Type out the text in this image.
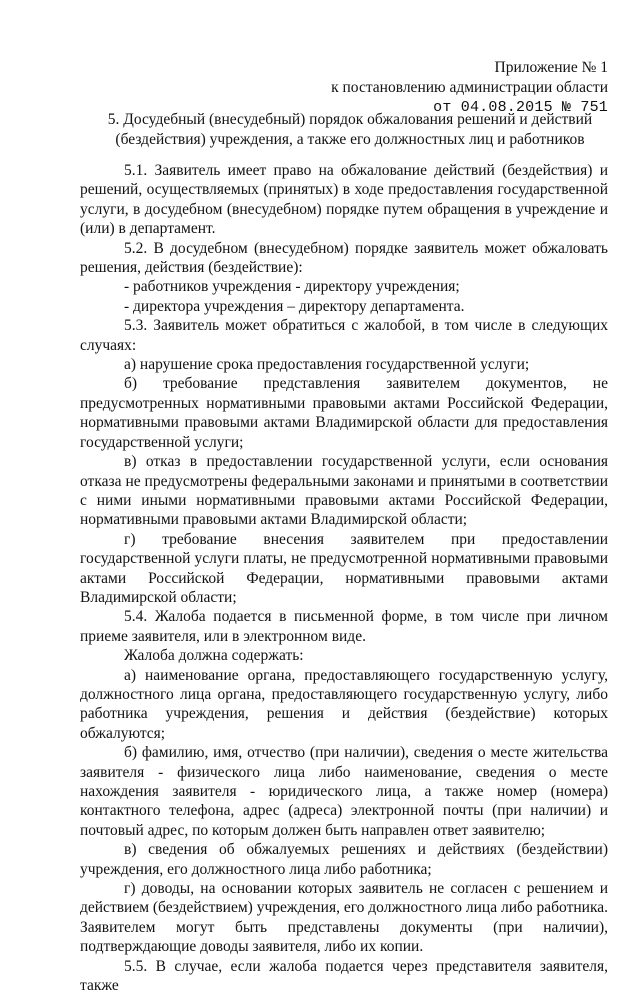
Приложение № 1
к постановлению администрации области
от 04.08.2015 № 751
5. Досудебный (внесудебный) порядок обжалования решений и действий (бездействия) учреждения, а также его должностных лиц и работников

5.1. Заявитель имеет право на обжалование действий (бездействия) и решений, осуществляемых (принятых) в ходе предоставления государственной услуги, в досудебном (внесудебном) порядке путем обращения в учреждение и (или) в департамент.

5.2. В досудебном (внесудебном) порядке заявитель может обжаловать решения, действия (бездействие):

- работников учреждения - директору учреждения;

- директора учреждения – директору департамента.

5.3. Заявитель может обратиться с жалобой, в том числе в следующих случаях:

а) нарушение срока предоставления государственной услуги;

б) требование представления заявителем документов, не предусмотренных нормативными правовыми актами Российской Федерации, нормативными правовыми актами Владимирской области для предоставления государственной услуги;

в) отказ в предоставлении государственной услуги, если основания отказа не предусмотрены федеральными законами и принятыми в соответствии с ними иными нормативными правовыми актами Российской Федерации, нормативными правовыми актами Владимирской области;

г) требование внесения заявителем при предоставлении государственной услуги платы, не предусмотренной нормативными правовыми актами Российской Федерации, нормативными правовыми актами Владимирской области;

5.4. Жалоба подается в письменной форме, в том числе при личном приеме заявителя, или в электронном виде.

Жалоба должна содержать:

а) наименование органа, предоставляющего государственную услугу, должностного лица органа, предоставляющего государственную услугу, либо работника учреждения, решения и действия (бездействие) которых обжалуются;

б) фамилию, имя, отчество (при наличии), сведения о месте жительства заявителя - физического лица либо наименование, сведения о месте нахождения заявителя - юридического лица, а также номер (номера) контактного телефона, адрес (адреса) электронной почты (при наличии) и почтовый адрес, по которым должен быть направлен ответ заявителю;

в) сведения об обжалуемых решениях и действиях (бездействии) учреждения, его должностного лица либо работника;

г) доводы, на основании которых заявитель не согласен с решением и действием (бездействием) учреждения, его должностного лица либо работника. Заявителем могут быть представлены документы (при наличии), подтверждающие доводы заявителя, либо их копии.

5.5. В случае, если жалоба подается через представителя заявителя, также
